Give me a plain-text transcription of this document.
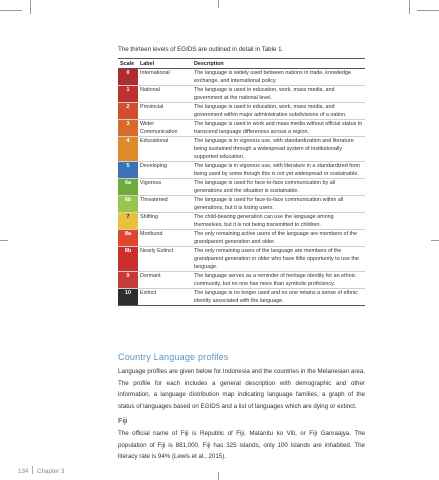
The thirteen levels of EGIDS are outlined in detail in Table 1.
Scale	Label	Description
0	International	The language is widely used between nations in trade, knowledge exchange, and international policy.
1	National	The language is used in education, work, mass media, and government at the national level.
2	Provincial	The language is used in education, work, mass media, and government within major administrative subdivisions of a nation.
3	Wider Communication	The language is used in work and mass media without official status to transcend language differences across a region.
4	Educational	The language is in vigorous use, with standardization and literature being sustained through a widespread system of institutionally supported education.
5	Developing	The language is in vigorous use, with literature in a standardized form being used by some though this is not yet widespread or sustainable.
6a	Vigorous	The language is used for face-to-face communication by all generations and the situation is sustainable.
6b	Threatened	The language is used for face-to-face communication within all generations, but it is losing users.
7	Shifting	The child-bearing generation can use the language among themselves, but it is not being transmitted to children.
8a	Moribund	The only remaining active users of the language are members of the grandparent generation and older.
8b	Nearly Extinct	The only remaining users of the language are members of the grandparent generation or older who have little opportunity to use the language.
9	Dormant	The language serves as a reminder of heritage identity for an ethnic community, but no one has more than symbolic proficiency.
10	Extinct	The language is no longer used and no one retains a sense of ethnic identity associated with the language.
Country Language profiles
Language profiles are given below for Indonesia and the countries in the Melanesian area. The profile for each includes a general description with demographic and other information, a language distribution map indicating language families, a graph of the status of languages based on EGIDS and a list of languages which are dying or extinct.
Fiji
The official name of Fiji is Republic of Fiji, Matanitu ko Viti, or Fiji Ganraajya. The population of Fiji is 881,000. Fiji has 325 islands, only 100 islands are inhabited. The literacy rate is 94% (Lewis et al., 2015).
134 Chapter 3
